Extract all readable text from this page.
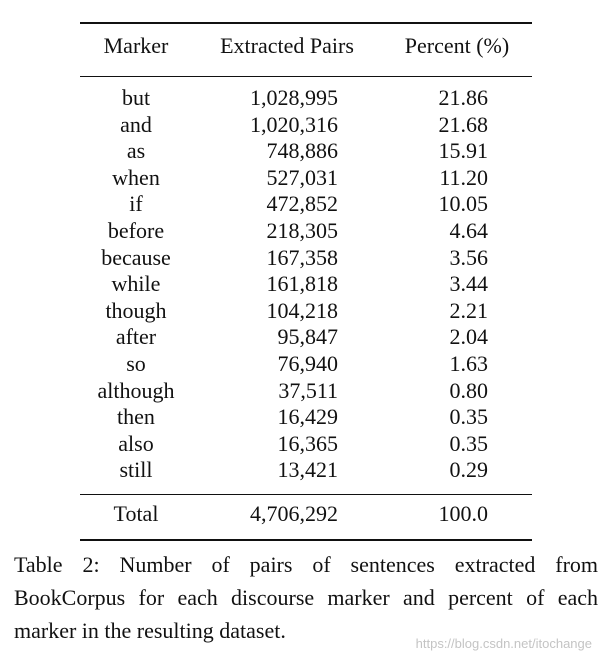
Marker	Extracted Pairs	Percent (%)
but	1,028,995	21.86
and	1,020,316	21.68
as	748,886	15.91
when	527,031	11.20
if	472,852	10.05
before	218,305	4.64
because	167,358	3.56
while	161,818	3.44
though	104,218	2.21
after	95,847	2.04
so	76,940	1.63
although	37,511	0.80
then	16,429	0.35
also	16,365	0.35
still	13,421	0.29
Total	4,706,292	100.0
Table 2: Number of pairs of sentences extracted from BookCorpus for each discourse marker and percent of each marker in the resulting dataset.
https://blog.csdn.net/itochange
